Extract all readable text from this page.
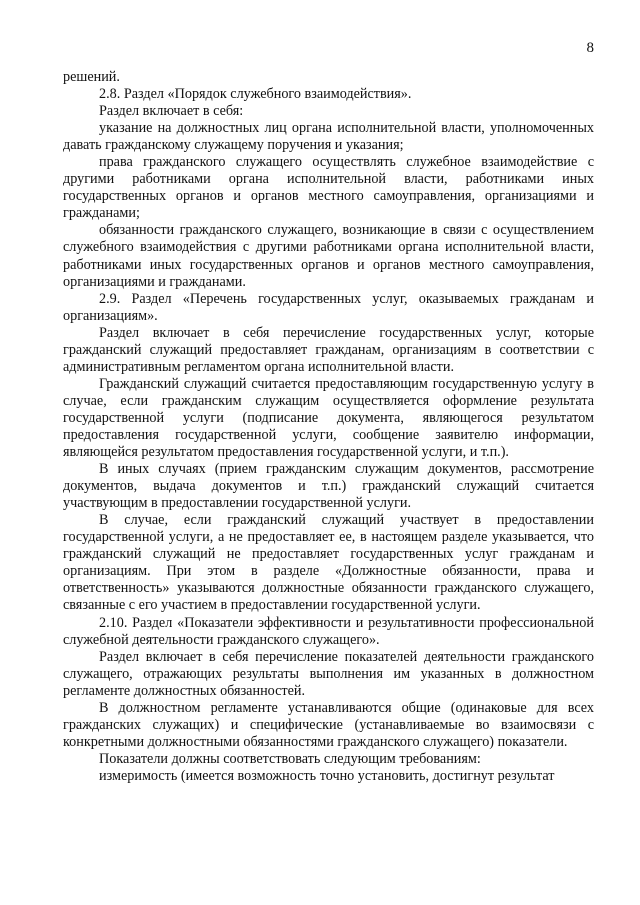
8

решений.

2.8. Раздел «Порядок служебного взаимодействия».

Раздел включает в себя:

указание на должностных лиц органа исполнительной власти, уполномоченных давать гражданскому служащему поручения и указания;

права гражданского служащего осуществлять служебное взаимодействие с другими работниками органа исполнительной власти, работниками иных государственных органов и органов местного самоуправления, организациями и гражданами;

обязанности гражданского служащего, возникающие в связи с осуществлением служебного взаимодействия с другими работниками органа исполнительной власти, работниками иных государственных органов и органов местного самоуправления, организациями и гражданами.

2.9. Раздел «Перечень государственных услуг, оказываемых гражданам и организациям».

Раздел включает в себя перечисление государственных услуг, которые гражданский служащий предоставляет гражданам, организациям в соответствии с административным регламентом органа исполнительной власти.

Гражданский служащий считается предоставляющим государственную услугу в случае, если гражданским служащим осуществляется оформление результата государственной услуги (подписание документа, являющегося результатом предоставления государственной услуги, сообщение заявителю информации, являющейся результатом предоставления государственной услуги, и т.п.).

В иных случаях (прием гражданским служащим документов, рассмотрение документов, выдача документов и т.п.) гражданский служащий считается участвующим в предоставлении государственной услуги.

В случае, если гражданский служащий участвует в предоставлении государственной услуги, а не предоставляет ее, в настоящем разделе указывается, что гражданский служащий не предоставляет государственных услуг гражданам и организациям. При этом в разделе «Должностные обязанности, права и ответственность» указываются должностные обязанности гражданского служащего, связанные с его участием в предоставлении государственной услуги.

2.10. Раздел «Показатели эффективности и результативности профессиональной служебной деятельности гражданского служащего».

Раздел включает в себя перечисление показателей деятельности гражданского служащего, отражающих результаты выполнения им указанных в должностном регламенте должностных обязанностей.

В должностном регламенте устанавливаются общие (одинаковые для всех гражданских служащих) и специфические (устанавливаемые во взаимосвязи с конкретными должностными обязанностями гражданского служащего) показатели.

Показатели должны соответствовать следующим требованиям:

измеримость (имеется возможность точно установить, достигнут результат
